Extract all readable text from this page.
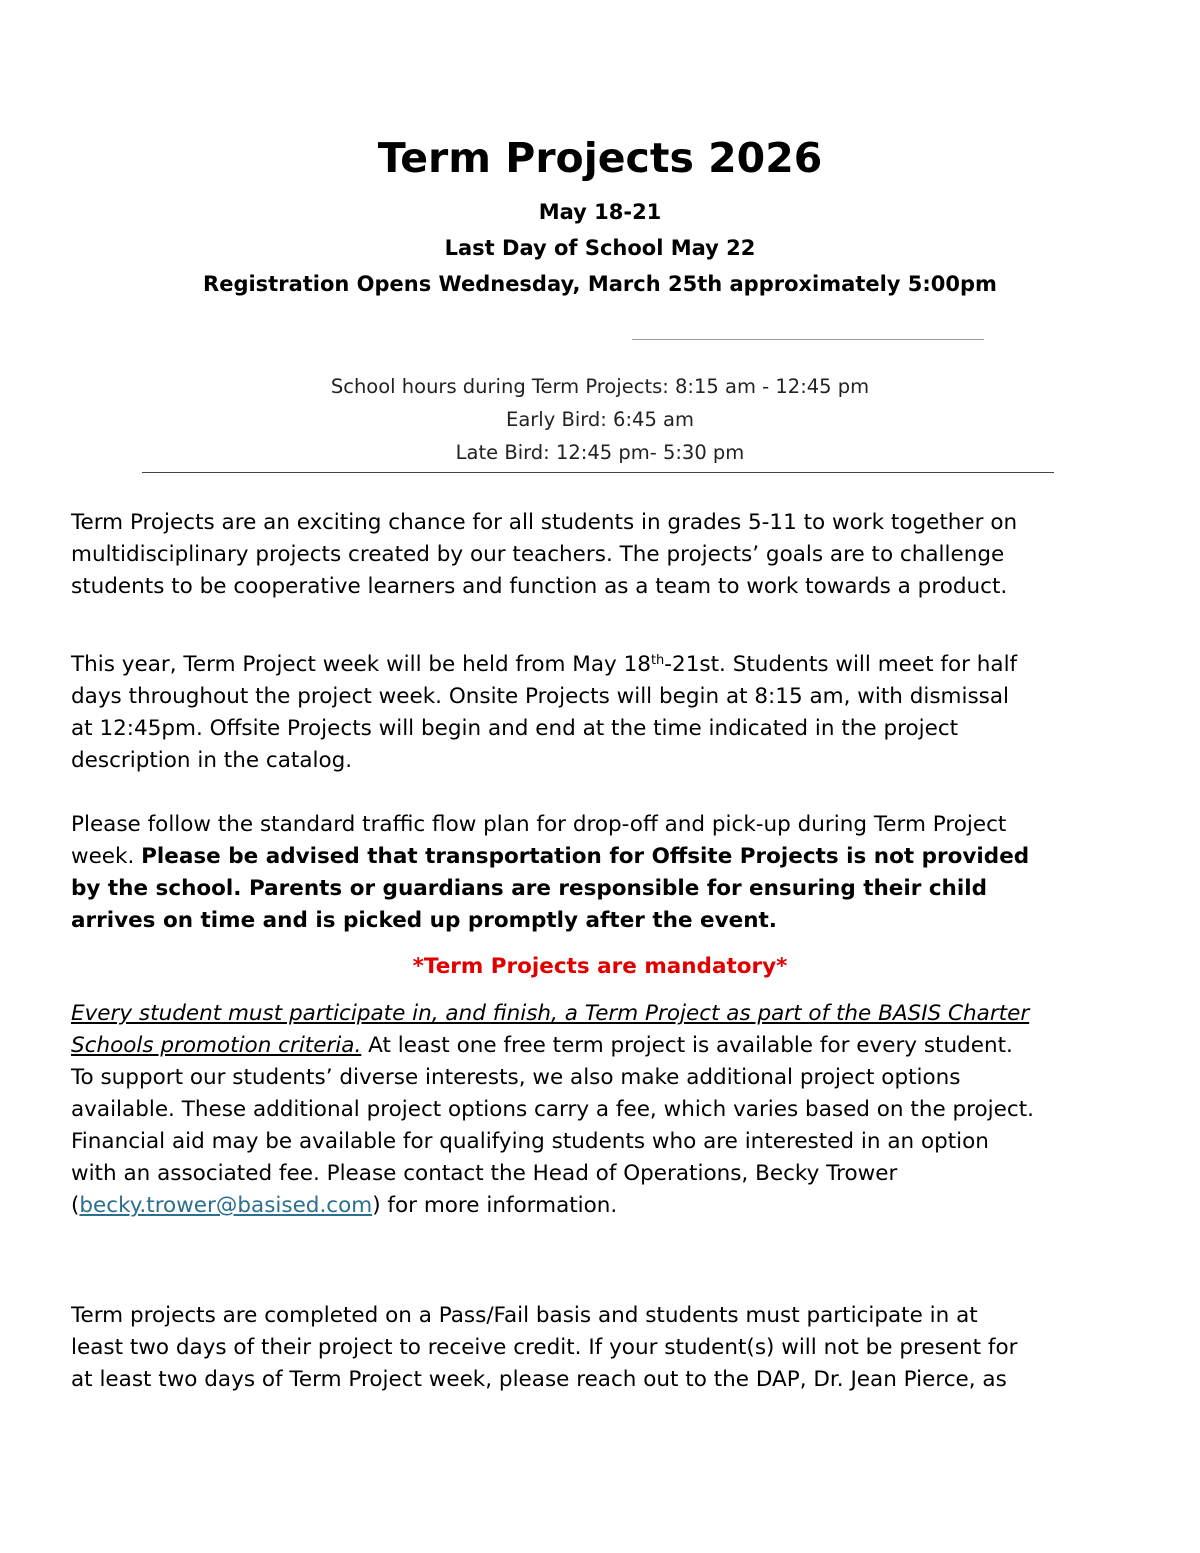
Term Projects 2026
May 18-21
Last Day of School May 22
Registration Opens Wednesday, March 25th approximately 5:00pm
School hours during Term Projects: 8:15 am - 12:45 pm
Early Bird: 6:45 am
Late Bird: 12:45 pm- 5:30 pm
Term Projects are an exciting chance for all students in grades 5-11 to work together on
multidisciplinary projects created by our teachers. The projects’ goals are to challenge
students to be cooperative learners and function as a team to work towards a product.
This year, Term Project week will be held from May 18th-21st. Students will meet for half
days throughout the project week. Onsite Projects will begin at 8:15 am, with dismissal
at 12:45pm. Offsite Projects will begin and end at the time indicated in the project
description in the catalog.
Please follow the standard traffic flow plan for drop-off and pick-up during Term Project
week. Please be advised that transportation for Offsite Projects is not provided
by the school. Parents or guardians are responsible for ensuring their child
arrives on time and is picked up promptly after the event.
*Term Projects are mandatory*
Every student must participate in, and finish, a Term Project as part of the BASIS Charter
Schools promotion criteria. At least one free term project is available for every student.
To support our students’ diverse interests, we also make additional project options
available. These additional project options carry a fee, which varies based on the project.
Financial aid may be available for qualifying students who are interested in an option
with an associated fee. Please contact the Head of Operations, Becky Trower
(becky.trower@basised.com) for more information.
Term projects are completed on a Pass/Fail basis and students must participate in at
least two days of their project to receive credit. If your student(s) will not be present for
at least two days of Term Project week, please reach out to the DAP, Dr. Jean Pierce, as
